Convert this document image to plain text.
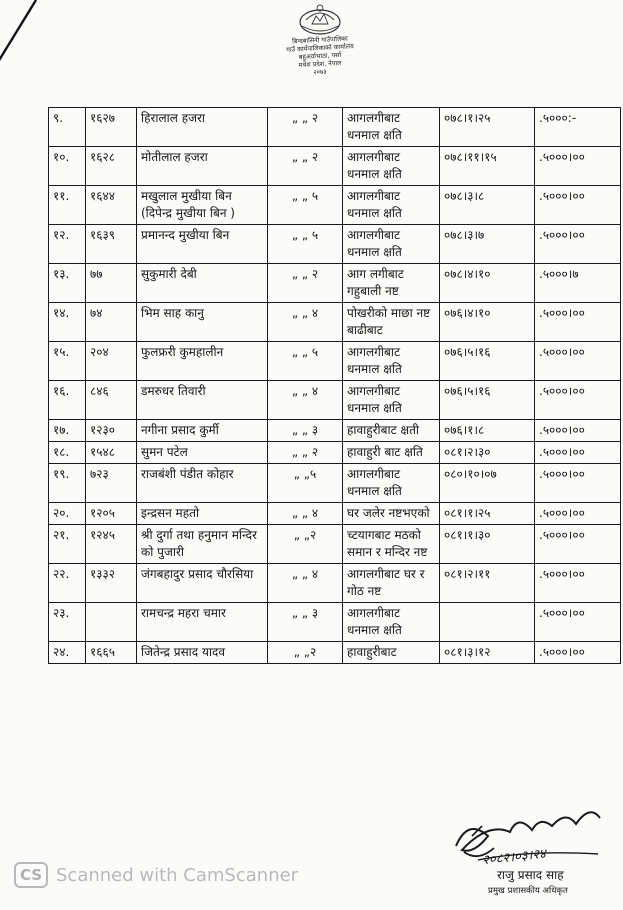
बिन्दबासिनी गाउँपालिका
गाउँ कार्यपालिकाको कार्यालय
बहुअर्वाभाठा, पर्सा
मधेश प्रदेश, नेपाल
२०७३
९.	१६२७	हिरालाल हजरा	„ „ २	आगलगीबाट धनमाल क्षति	०७८।१।२५	.५०००:-
१०.	१६२८	मोतीलाल हजरा	„ „ २	आगलगीबाट धनमाल क्षति	०७८।११।१५	.५०००।००
११.	१६४४	मखुलाल मुखीया बिन (दिपेन्द्र मुखीया बिन )	„ „ ५	आगलगीबाट धनमाल क्षति	०७८।३।८	.५०००।००
१२.	१६३९	प्रमानन्द मुखीया बिन	„ „ ५	आगलगीबाट धनमाल क्षति	०७८।३।७	.५०००।००
१३.	७७	सुकुमारी देबी	„ „ २	आग लगीबाट गहुबाली नष्ट	०७८।४।१०	.५०००।७
१४.	७४	भिम साह कानु	„ „ ४	पोखरीको माछा नष्ट बाढीबाट	०७६।४।१०	.५०००।००
१५.	२०४	फुलफ्ररी कुमहालीन	„ „ ५	आगलगीबाट धनमाल क्षति	०७६।५।१६	.५०००।००
१६.	८४६	डमरुधर तिवारी	„ „ ४	आगलगीबाट धनमाल क्षति	०७६।५।१६	.५०००।००
१७.	१२३०	नगीना प्रसाद कुर्मी	„ „ ३	हावाहुरीबाट क्षती	०७६।१।८	.५०००।००
१८.	१५४८	सुमन पटेल	„ „ २	हावाहुरी बाट क्षति	०८१।२।३०	.५०००।००
१९.	७२३	राजबंशी पंडीत कोहार	„ „५	आगलगीबाट धनमाल क्षति	०८०।१०।०७	.५०००।००
२०.	१२०५	इन्द्रसन महतो	„ „ ४	घर जलेर नष्टभएको	०८१।१।२५	.५०००।००
२१.	१२४५	श्री दुर्गा तथा हनुमान मन्दिर को पुजारी	„ „२	च्टयागबाट मठको समान र मन्दिर नष्ट	०८१।१।३०	.५०००।००
२२.	१३३२	जंगबहादुर प्रसाद चौरसिया	„ „ ४	आगलगीबाट घर र गोठ नष्ट	०८१।२।११	.५०००।००
२३.		रामचन्द्र महरा चमार	„ „ ३	आगलगीबाट धनमाल क्षति		.५०००।००
२४.	१६६५	जितेन्द्र प्रसाद यादव	„ „२	हावाहुरीबाट	०८१।३।१२	.५०००।००
२०८२।०३।२४
राजु प्रसाद साह
प्रमुख प्रशासकीय अधिकृत
CS Scanned with CamScanner
